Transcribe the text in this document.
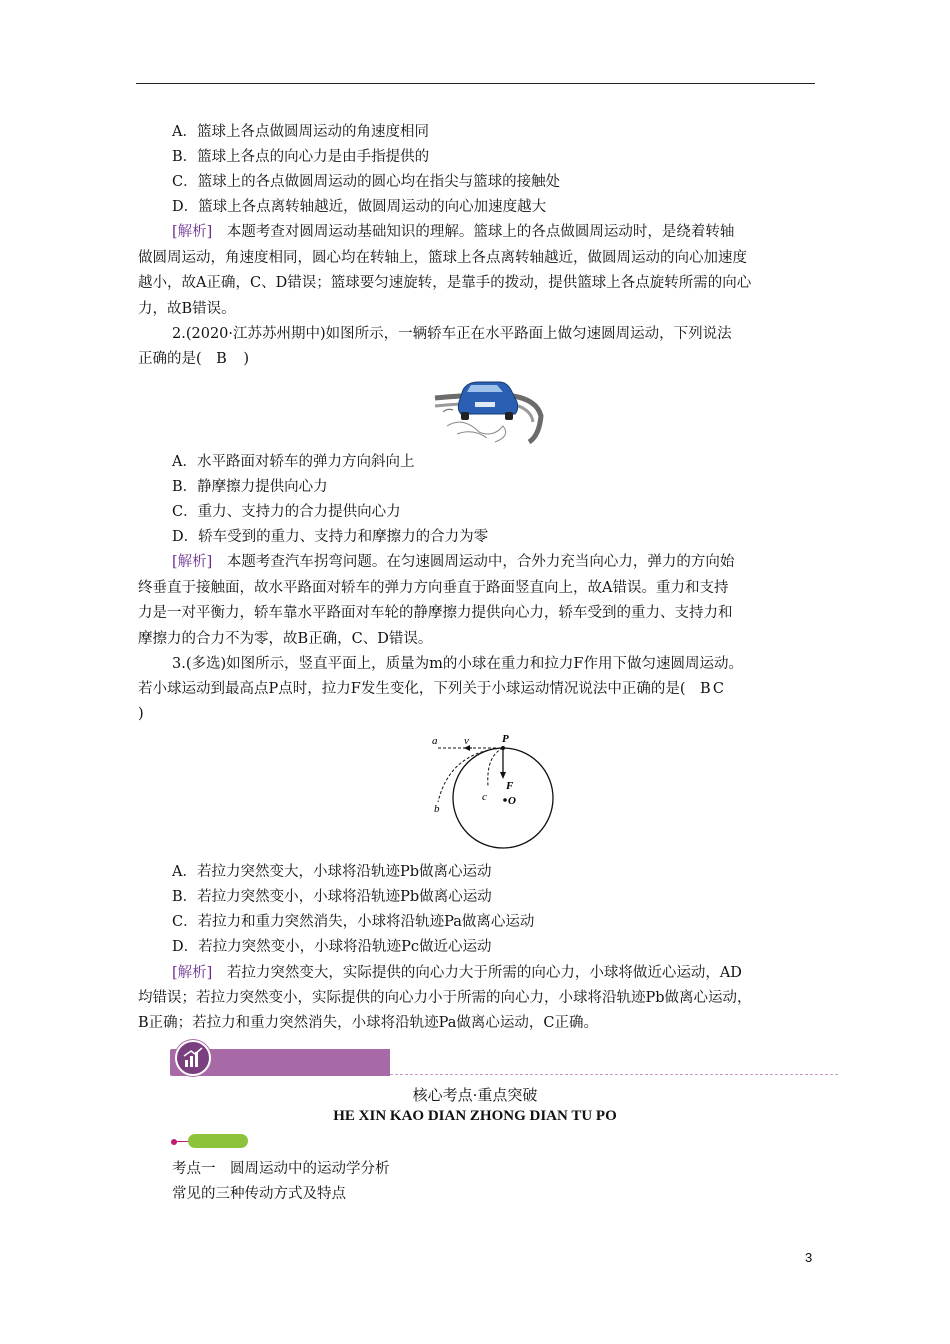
A．篮球上各点做圆周运动的角速度相同
B．篮球上各点的向心力是由手指提供的
C．篮球上的各点做圆周运动的圆心均在指尖与篮球的接触处
D．篮球上各点离转轴越近，做圆周运动的向心加速度越大
[解析]　 本题考查对圆周运动基础知识的理解。篮球上的各点做圆周运动时，是绕着转轴
做圆周运动，角速度相同，圆心均在转轴上，篮球上各点离转轴越近，做圆周运动的向心加速度
越小，故A正确，C、D错误；篮球要匀速旋转，是靠手的拨动，提供篮球上各点旋转所需的向心
力，故B错误。
2.(2020·江苏苏州期中)如图所示，一辆轿车正在水平路面上做匀速圆周运动，下列说法
正确的是(　 B　 )
A．水平路面对轿车的弹力方向斜向上
B．静摩擦力提供向心力
C．重力、支持力的合力提供向心力
D．轿车受到的重力、支持力和摩擦力的合力为零
[解析]　 本题考查汽车拐弯问题。在匀速圆周运动中，合外力充当向心力，弹力的方向始
终垂直于接触面，故水平路面对轿车的弹力方向垂直于路面竖直向上，故A错误。重力和支持
力是一对平衡力，轿车靠水平路面对车轮的静摩擦力提供向心力，轿车受到的重力、支持力和
摩擦力的合力不为零，故B正确，C、D错误。
3.(多选)如图所示，竖直平面上，质量为m的小球在重力和拉力F作用下做匀速圆周运动。
若小球运动到最高点P点时，拉力F发生变化，下列关于小球运动情况说法中正确的是(　 BC
)
a v	P
F
O
b
c
A．若拉力突然变大，小球将沿轨迹Pb做离心运动
B．若拉力突然变小，小球将沿轨迹Pb做离心运动
C．若拉力和重力突然消失，小球将沿轨迹Pa做离心运动
D．若拉力突然变小，小球将沿轨迹Pc做近心运动
[解析]　 若拉力突然变大，实际提供的向心力大于所需的向心力，小球将做近心运动，AD
均错误；若拉力突然变小，实际提供的向心力小于所需的向心力，小球将沿轨迹Pb做离心运动，
B正确；若拉力和重力突然消失，小球将沿轨迹Pa做离心运动，C正确。
核心考点·重点突破
HE XIN KAO DIAN ZHONG DIAN TU PO
考点一　圆周运动中的运动学分析
常见的三种传动方式及特点
3
